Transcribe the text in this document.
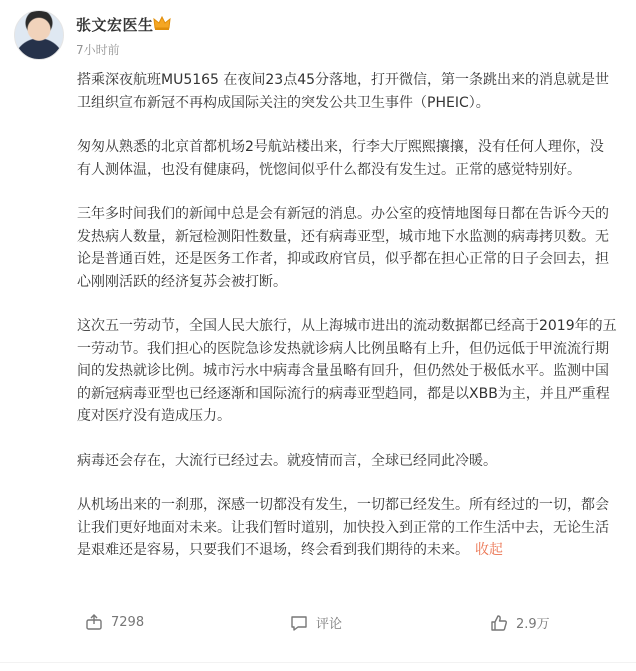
张文宏医生
7小时前

搭乘深夜航班MU5165 在夜间23点45分落地，打开微信，第一条跳出来的消息就是世卫组织宣布新冠不再构成国际关注的突发公共卫生事件（PHEIC）。

匆匆从熟悉的北京首都机场2号航站楼出来，行李大厅熙熙攘攘，没有任何人理你，没有人测体温，也没有健康码，恍惚间似乎什么都没有发生过。正常的感觉特别好。

三年多时间我们的新闻中总是会有新冠的消息。办公室的疫情地图每日都在告诉今天的发热病人数量，新冠检测阳性数量，还有病毒亚型，城市地下水监测的病毒拷贝数。无论是普通百姓，还是医务工作者，抑或政府官员，似乎都在担心正常的日子会回去，担心刚刚活跃的经济复苏会被打断。

这次五一劳动节，全国人民大旅行，从上海城市进出的流动数据都已经高于2019年的五一劳动节。我们担心的医院急诊发热就诊病人比例虽略有上升，但仍远低于甲流流行期间的发热就诊比例。城市污水中病毒含量虽略有回升，但仍然处于极低水平。监测中国的新冠病毒亚型也已经逐渐和国际流行的病毒亚型趋同，都是以XBB为主，并且严重程度对医疗没有造成压力。

病毒还会存在，大流行已经过去。就疫情而言，全球已经同此冷暖。

从机场出来的一刹那，深感一切都没有发生，一切都已经发生。所有经过的一切，都会让我们更好地面对未来。让我们暂时道别，加快投入到正常的工作生活中去，无论生活是艰难还是容易，只要我们不退场，终会看到我们期待的未来。 收起

7298	评论	2.9万
